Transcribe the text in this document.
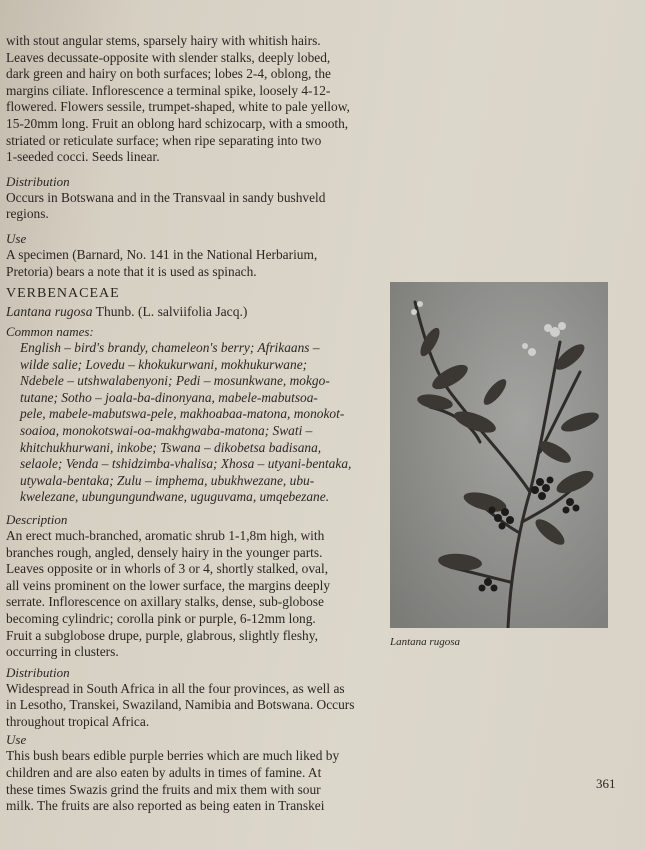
with stout angular stems, sparsely hairy with whitish hairs.

Leaves decussate-opposite with slender stalks, deeply lobed,

dark green and hairy on both surfaces; lobes 2-4, oblong, the

margins ciliate. Inflorescence a terminal spike, loosely 4-12-

flowered. Flowers sessile, trumpet-shaped, white to pale yellow,

15-20mm long. Fruit an oblong hard schizocarp, with a smooth,

striated or reticulate surface; when ripe separating into two

1-seeded cocci. Seeds linear.

Distribution

Occurs in Botswana and in the Transvaal in sandy bushveld

regions.

Use

A specimen (Barnard, No. 141 in the National Herbarium,

Pretoria) bears a note that it is used as spinach.

VERBENACEAE
Lantana rugosa Thunb. (L. salviifolia Jacq.)

Common names:

English – bird's brandy, chameleon's berry; Afrikaans –

wilde salie; Lovedu – khokukurwani, mokhukurwane;

Ndebele – utshwalabenyoni; Pedi – mosunkwane, mokgo-

tutane; Sotho – joala-ba-dinonyana, mabele-mabutsoa-

pele, mabele-mabutswa-pele, makhoabaa-matona, monokot-

soaioa, monokotswai-oa-makhgwaba-matona; Swati –

khitchukhurwani, inkobe; Tswana – dikobetsa badisana,

selaole; Venda – tshidzimba-vhalisa; Xhosa – utyani-bentaka,

utywala-bentaka; Zulu – imphema, ubukhwezane, ubu-

kwelezane, ubungungundwane, uguguvama, umqebezane.

Description

An erect much-branched, aromatic shrub 1-1,8m high, with

branches rough, angled, densely hairy in the younger parts.

Leaves opposite or in whorls of 3 or 4, shortly stalked, oval,

all veins prominent on the lower surface, the margins deeply

serrate. Inflorescence on axillary stalks, dense, sub-globose

becoming cylindric; corolla pink or purple, 6-12mm long.

Fruit a subglobose drupe, purple, glabrous, slightly fleshy,

occurring in clusters.

Distribution

Widespread in South Africa in all the four provinces, as well as

in Lesotho, Transkei, Swaziland, Namibia and Botswana. Occurs

throughout tropical Africa.

Use

This bush bears edible purple berries which are much liked by

children and are also eaten by adults in times of famine. At

these times Swazis grind the fruits and mix them with sour

milk. The fruits are also reported as being eaten in Transkei

Lantana rugosa
361
